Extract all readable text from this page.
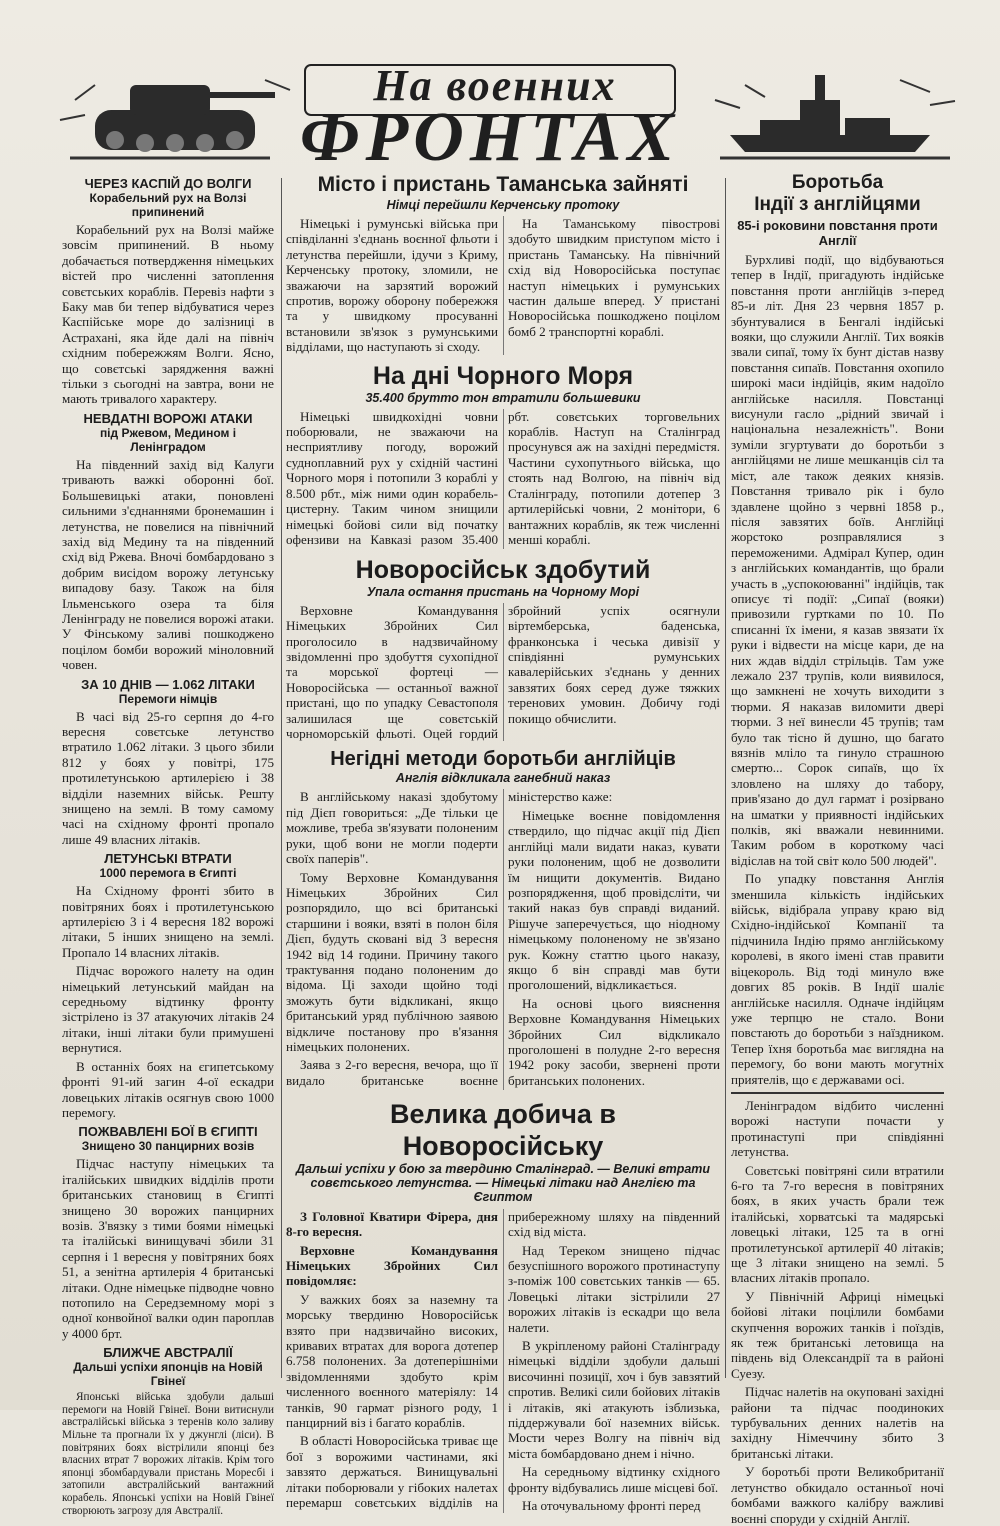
На военних
ФРОНТАХ
ЧЕРЕЗ КАСПІЙ ДО ВОЛГИ
Корабельний рух на Волзі припинений

Корабельний рух на Волзі майже зовсім припинений. В ньому добачається потвердження німецьких вістей про численні затоплення совєтських кораблів. Перевіз нафти з Баку мав би тепер відбуватися через Каспійське море до залізниці в Астрахані, яка йде далі на північ східним побережжям Волги. Ясно, що совєтські зарядження важні тільки з сьогодні на завтра, вони не мають тривалого характеру.

НЕВДАТНІ ВОРОЖІ АТАКИ
під Ржевом, Медином і Ленінградом

На південний захід від Калуги тривають важкі оборонні бої. Большевицькі атаки, поновлені сильними з'єднаннями бронемашин і летунства, не повелися на північний захід від Медину та на південний схід від Ржева. Вночі бомбардовано з добрим висідом ворожу летунську випадову базу. Також на біля Ільменського озера та біля Ленінграду не повелися ворожі атаки. У Фінському заливі пошкоджено поцілом бомби ворожий міноловний човен.

ЗА 10 ДНІВ — 1.062 ЛІТАКИ
Перемоги німців

В часі від 25-го серпня до 4-го вересня совєтське летунство втратило 1.062 літаки. З цього збили 812 у боях у повітрі, 175 протилетунською артилерією і 38 відділи наземних військ. Решту знищено на землі. В тому самому часі на східному фронті пропало лише 49 власних літаків.

ЛЕТУНСЬКІ ВТРАТИ
1000 перемога в Єгипті

На Східному фронті збито в повітряних боях і протилетунською артилерією 3 і 4 вересня 182 ворожі літаки, 5 інших знищено на землі. Пропало 14 власних літаків.

Підчас ворожого налету на один німецький летунський майдан на середньому відтинку фронту зістрілено із 37 атакуючих літаків 24 літаки, інші літаки були примушені вернутися.

В останніх боях на єгипетському фронті 91-ий загин 4-ої ескадри ловецьких літаків осягнув свою 1000 перемогу.

ПОЖВАВЛЕНІ БОЇ В ЄГИПТІ
Знищено 30 панцирних возів

Підчас наступу німецьких та італійських швидких відділів проти британських становищ в Єгипті знищено 30 ворожих панцирних возів. З'вязку з тими боями німецькі та італійські винищувачі збили 31 серпня і 1 вересня у повітряних боях 51, а зенітна артилерія 4 британські літаки. Одне німецьке підводне човно потопило на Середземному морі з одної конвойної валки один пароплав у 4000 брт.

БЛИЖЧЕ АВСТРАЛІЇ
Дальші успіхи японців на Новій Гвінеї

Японські війська здобули дальші перемоги на Новій Гвінеї. Вони витиснули австралійські війська з теренів коло заливу Мільне та прогнали їх у джунглі (ліси). В повітряних боях вістрілили японці без власних втрат 7 ворожих літаків. Крім того японці збомбардували пристань Моресбі і затопили австралійський вантажний корабель. Японські успіхи на Новій Гвінеї створюють загрозу для Австралії.

Місто і пристань Таманська зайняті
Німці перейшли Керченську протоку

Німецькі і румунські війська при співділанні з'єднань воєнної фльоти і летунства перейшли, ідучи з Криму, Керченську протоку, зломили, не зважаючи на зарзятий ворожий спротив, ворожу оборону побережжя та у швидкому просуванні встановили зв'язок з румунськими відділами, що наступають зі сходу.

На Таманському півострові здобуто швидким приступом місто і пристань Таманську. На північний схід від Новоросійська поступає наступ німецьких і румунських частин дальше вперед. У пристані Новоросійська пошкоджено поцілом бомб 2 транспортні кораблі.

На дні Чорного Моря
35.400 брутто тон втратили большевики

Німецькі швидкохідні човни поборювали, не зважаючи на несприятливу погоду, ворожий судноплавний рух у східній частині Чорного моря і потопили 3 кораблі у 8.500 рбт., між ними один корабель-цистерну. Таким чином знищили німецькі бойові сили від початку офензиви на Кавказі разом 35.400 рбт. совєтських торговельних кораблів. Наступ на Сталінград просунувся аж на західні передмістя. Частини сухопутнього війська, що стоять над Волгою, на північ від Сталінграду, потопили дотепер 3 артилерійські човни, 2 монітори, 6 вантажних кораблів, як теж численні менші кораблі.

Новоросійськ здобутий
Упала остання пристань на Чорному Морі

Верховне Командування Німецьких Збройних Сил проголосило в надзвичайному звідомленні про здобуття сухопідної та морської фортеці — Новоросійська — останньої важної пристані, що по упадку Севастополя залишилася ще совєтській чорноморській фльоті. Оцей гордий збройний успіх осягнули віртемберська, баденська, франконська і чеська дивізії у співдіянні румунських кавалерійських з'єднань у денних завзятих боях серед дуже тяжких теренових умовин. Добичу годі покищо обчислити.

Негідні методи боротьби англійців
Англія відкликала ганебний наказ

В англійському наказі здобутому під Дієп говориться: „Де тільки це можливе, треба зв'язувати полоненим руки, щоб вони не могли подерти своїх паперів".

Тому Верховне Командування Німецьких Збройних Сил розпорядило, що всі британські старшини і вояки, взяті в полон біля Дієп, будуть сковані від 3 вересня 1942 від 14 години. Причину такого трактування подано полоненим до відома. Ці заходи щойно тоді зможуть бути відкликані, якщо британський уряд публічною заявою відкличе постанову про в'язання німецьких полонених.

Заява з 2-го вересня, вечора, що її видало британське воєнне міністерство каже:

Німецьке воєнне повідомлення ствердило, що підчас акції під Дієп англійці мали видати наказ, кувати руки полоненим, щоб не дозволити їм нищити документів. Видано розпорядження, щоб провідсліти, чи такий наказ був справді виданий. Рішуче заперечується, що ніодному німецькому полоненому не зв'язано рук. Кожну статтю цього наказу, якщо б він справді мав бути проголошений, відкликається.

На основі цього вияснення Верховне Командування Німецьких Збройних Сил відкликало проголошені в полудне 2-го вересня 1942 року засоби, звернені проти британських полонених.

Велика добича в Новоросійську
Дальші успіхи у бою за твердиню Сталінград. — Великі втрати совєтського летунства. — Німецькі літаки над Англією та Єгиптом

З Головної Кватири Фірера, дня 8-го вересня.

Верховне Командування Німецьких Збройних Сил повідомляє:

У важких боях за наземну та морську твердиню Новоросійськ взято при надзвичайно високих, кривавих втратах для ворога дотепер 6.758 полонених. За дотеперішніми звідомленнями здобуто крім численного воєнного матеріялу: 14 танків, 90 гармат різного роду, 1 панцирний віз і багато кораблів.

В області Новоросійська триває ще бої з ворожими частинами, які завзято держаться. Винищувальні літаки поборювали у гібоких налетах перемарш совєтських відділів на прибережному шляху на південний схід від міста.

Над Тереком знищено підчас безуспішного ворожого протинаступу з-поміж 100 совєтських танків — 65. Ловецькі літаки зістрілили 27 ворожих літаків із ескадри що вела налети.

В укріпленому районі Сталінграду німецькі відділи здобули дальші височинні позиції, хоч і був завзятий спротив. Великі сили бойових літаків і літаків, які атакують ізблизька, піддержували бої наземних військ. Мости через Волгу на північ від міста бомбардовано днем і нічно.

На середньому відтинку східного фронту відбувались лише місцеві бої.

На оточувальному фронті перед

Боротьба
Індії з англійцями
85-і роковини повстання проти Англії

Бурхливі події, що відбуваються тепер в Індії, пригадують індійське повстання проти англійців з-перед 85-и літ. Дня 23 червня 1857 р. збунтувалися в Бенгалі індійські вояки, що служили Англії. Тих вояків звали сипаї, тому їх бунт дістав назву повстання сипаїв. Повстання охопило широкі маси індійців, яким надоїло англійське насилля. Повстанці висунули гасло „рідний звичай і національна незалежність". Вони зуміли згуртувати до боротьби з англійцями не лише мешканців сіл та міст, але також деяких князів. Повстання тривало рік і було здавлене щойно з червні 1858 р., після завзятих боїв. Англійці жорстоко розправлялися з переможеними. Адмірал Купер, один з англійських командантів, що брали участь в „успокоюванні" індійців, так описує ті події: „Сипаї (вояки) привозили гуртками по 10. По списанні їх імени, я казав звязати їх руки і відвести на місце кари, де на них ждав відділ стрільців. Там уже лежало 237 трупів, коли виявилося, що замкнені не хочуть виходити з тюрми. Я наказав виломити двері тюрми. З неї винесли 45 трупів; там було так тісно й душно, що багато вязнів мліло та гинуло страшною смертю... Сорок сипаїв, що їх зловлено на шляху до табору, прив'язано до дул гармат і розірвано на шматки у приявності індійських полків, які вважали невинними. Таким робом в короткому часі відіслав на той світ коло 500 людей".

По упадку повстання Англія зменшила кількість індійських військ, відібрала управу краю від Східно-індійської Компанії та підчинила Індію прямо англійському королеві, в якого імені став правити віцекороль. Від тоді минуло вже довгих 85 років. В Індії шаліє англійське насилля. Одначе індійцям уже терпцю не стало. Вони повстають до боротьби з наїздником. Тепер їхня боротьба має виглядна на перемогу, бо вони мають могутніх приятелів, що є державами осі.

Ленінградом відбито численні ворожі наступи почасти у протинаступі при співдіянні летунства.

Совєтські повітряні сили втратили 6-го та 7-го вересня в повітряних боях, в яких участь брали теж італійські, хорватські та мадярські ловецькі літаки, 125 та в огні протилетунської артилерії 40 літаків; ще 3 літаки знищено на землі. 5 власних літаків пропало.

У Північній Африці німецькі бойові літаки поцілили бомбами скупчення ворожих танків і поїздів, як теж британські летовища на південь від Олександрії та в районі Суезу.

Підчас налетів на окуповані західні райони та підчас поодиноких турбувальних денних налетів на західну Німеччину збито 3 британські літаки.

У боротьбі проти Великобританії летунство обкидало останньої ночі бомбами важкого калібру важливі воєнні споруди у східній Англії.
